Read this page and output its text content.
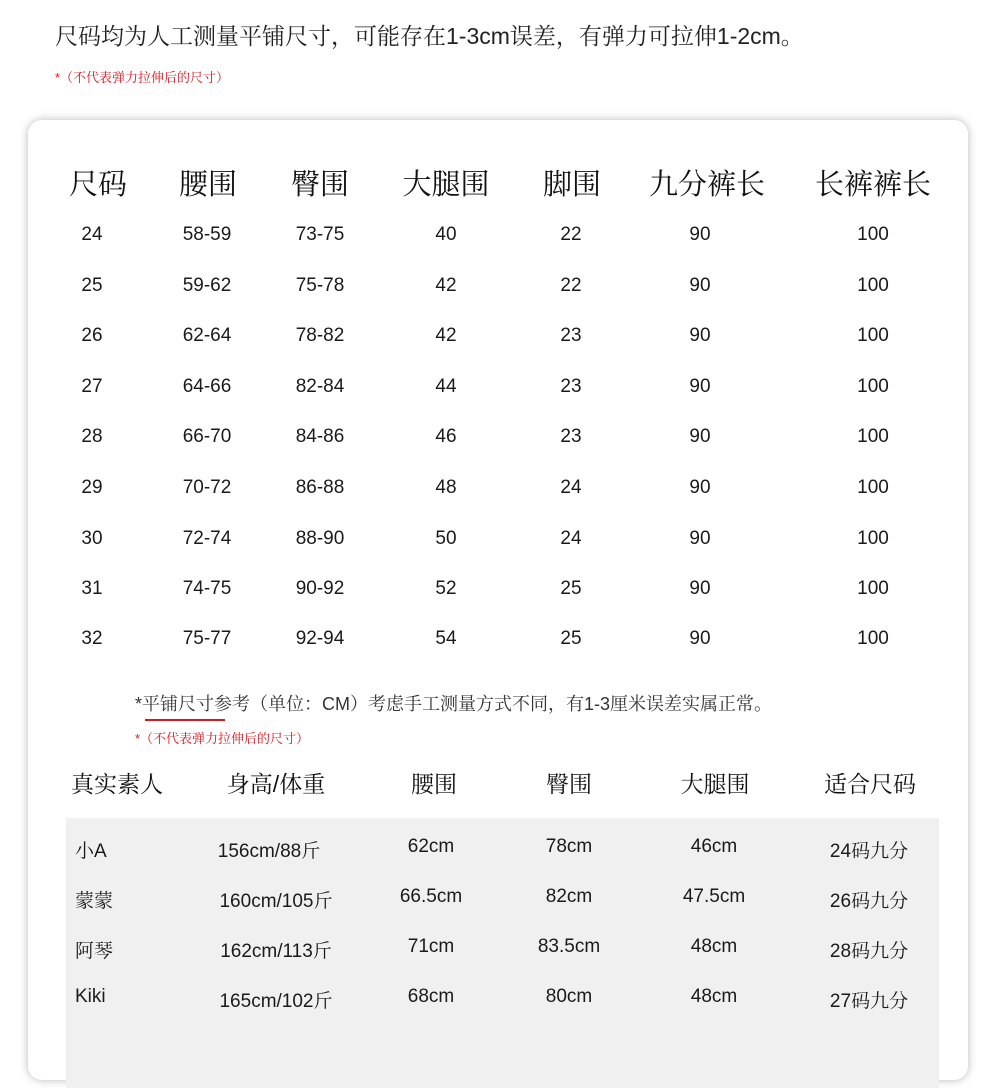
尺码均为人工测量平铺尺寸，可能存在1-3cm误差，有弹力可拉伸1-2cm。
*（不代表弹力拉伸后的尺寸）
尺码 腰围 臀围 大腿围 脚围 九分裤长 长裤裤长
24	58-59	73-75	40	22	90	100
25	59-62	75-78	42	22	90	100
26	62-64	78-82	42	23	90	100
27	64-66	82-84	44	23	90	100
28	66-70	84-86	46	23	90	100
29	70-72	86-88	48	24	90	100
30	72-74	88-90	50	24	90	100
31	74-75	90-92	52	25	90	100
32	75-77	92-94	54	25	90	100
*平铺尺寸参考（单位：CM）考虑手工测量方式不同，有1-3厘米误差实属正常。
*（不代表弹力拉伸后的尺寸）
真实素人	身高/体重	腰围	臀围	大腿围	适合尺码
小A	156cm/88斤	62cm	78cm	46cm	24码九分
蒙蒙	160cm/105斤	66.5cm	82cm	47.5cm	26码九分
阿琴	162cm/113斤	71cm	83.5cm	48cm	28码九分
Kiki	165cm/102斤	68cm	80cm	48cm	27码九分
